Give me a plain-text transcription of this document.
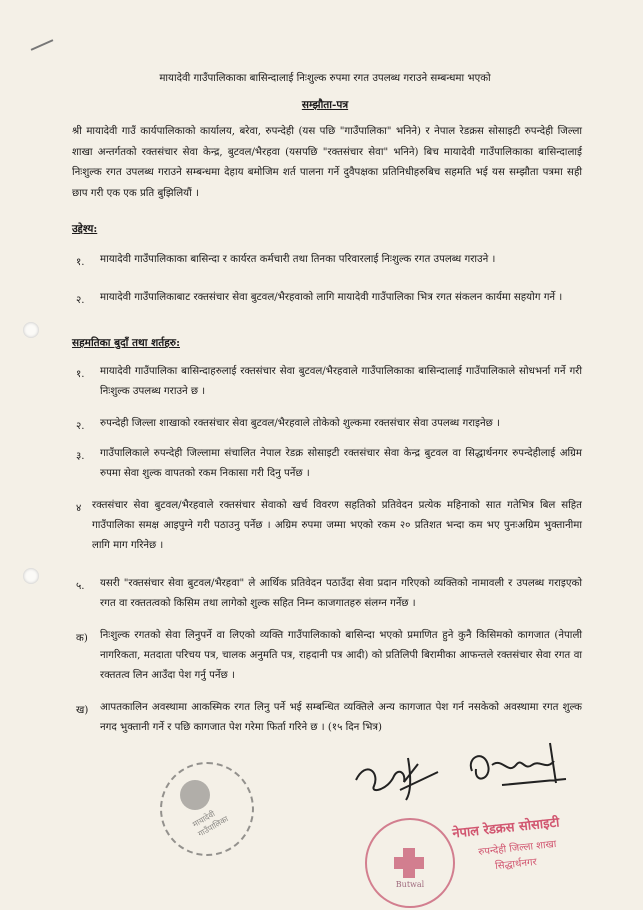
मायादेवी गाउँपालिकाका बासिन्दालाई निःशुल्क रुपमा रगत उपलब्ध गराउने सम्बन्धमा भएको
सम्झौता-पत्र
श्री मायादेवी गाउँ कार्यपालिकाको कार्यालय, बरेवा, रुपन्देही (यस पछि "गाउँपालिका" भनिने) र नेपाल रेडक्रस सोसाइटी रुपन्देही जिल्ला शाखा अन्तर्गतको रक्तसंचार सेवा केन्द्र, बुटवल/भैरहवा (यसपछि "रक्तसंचार सेवा" भनिने) बिच मायादेवी गाउँपालिकाका बासिन्दालाई निःशुल्क रगत उपलब्ध गराउने सम्बन्धमा देहाय बमोजिम शर्त पालना गर्ने दुवैपक्षका प्रतिनिधीहरुबिच सहमति भई यस सम्झौता पत्रमा सही छाप गरी एक एक प्रति बुझिलियौं ।
उद्देश्य:
१. मायादेवी गाउँपालिकाका बासिन्दा र कार्यरत कर्मचारी तथा तिनका परिवारलाई निःशुल्क रगत उपलब्ध गराउने ।
२. मायादेवी गाउँपालिकाबाट रक्तसंचार सेवा बुटवल/भैरहवाको लागि मायादेवी गाउँपालिका भित्र रगत संकलन कार्यमा सहयोग गर्ने ।
सहमतिका बुदाँ तथा शर्तहरु:
१. मायादेवी गाउँपालिका बासिन्दाहरुलाई रक्तसंचार सेवा बुटवल/भैरहवाले गाउँपालिकाका बासिन्दालाई गाउँपालिकाले सोधभर्ना गर्ने गरी निःशुल्क उपलब्ध गराउने छ ।
२. रुपन्देही जिल्ला शाखाको रक्तसंचार सेवा बुटवल/भैरहवाले तोकेको शुल्कमा रक्तसंचार सेवा उपलब्ध गराइनेछ ।
३. गाउँपालिकाले रुपन्देही जिल्लामा संचालित नेपाल रेडक्र सोसाइटी रक्तसंचार सेवा केन्द्र बुटवल वा सिद्धार्थनगर रुपन्देहीलाई अग्रिम रुपमा सेवा शुल्क वापतको रकम निकासा गरी दिनु पर्नेछ ।
४ रक्तसंचार सेवा बुटवल/भैरहवाले रक्तसंचार सेवाको खर्च विवरण सहतिको प्रतिवेदन प्रत्येक महिनाको सात गतेभित्र बिल सहित गाउँपालिका समक्ष आइपुग्ने गरी पठाउनु पर्नेछ । अग्रिम रुपमा जम्मा भएको रकम २० प्रतिशत भन्दा कम भए पुनःअग्रिम भुक्तानीमा लागि माग गरिनेछ ।
५. यसरी "रक्तसंचार सेवा बुटवल/भैरहवा" ले आर्थिक प्रतिवेदन पठाउँदा सेवा प्रदान गरिएको व्यक्तिको नामावली र उपलब्ध गराइएको रगत वा रक्ततत्वको किसिम तथा लागेको शुल्क सहित निम्न काजगातहरु संलग्न गर्नेछ ।
क) निःशुल्क रगतको सेवा लिनुपर्ने वा लिएको व्यक्ति गाउँपालिकाको बासिन्दा भएको प्रमाणित हुने कुनै किसिमको कागजात (नेपाली नागरिकता, मतदाता परिचय पत्र, चालक अनुमति पत्र, राहदानी पत्र आदी) को प्रतिलिपी बिरामीका आफन्तले रक्तसंचार सेवा रगत वा रक्ततत्व लिन आउँदा पेश गर्नु पर्नेछ ।
ख) आपतकालिन अवस्थामा आकस्मिक रगत लिनु पर्ने भई सम्बन्धित व्यक्तिले अन्य कागजात पेश गर्न नसकेको अवस्थामा रगत शुल्क नगद भुक्तानी गर्ने र पछि कागजात पेश गरेमा फिर्ता गरिने छ । (१५ दिन भित्र)
मायादेवी गाउँपालिका
Butwal
नेपाल रेडक्रस सोसाइटी
रुपन्देही जिल्ला शाखा
सिद्धार्थनगर
